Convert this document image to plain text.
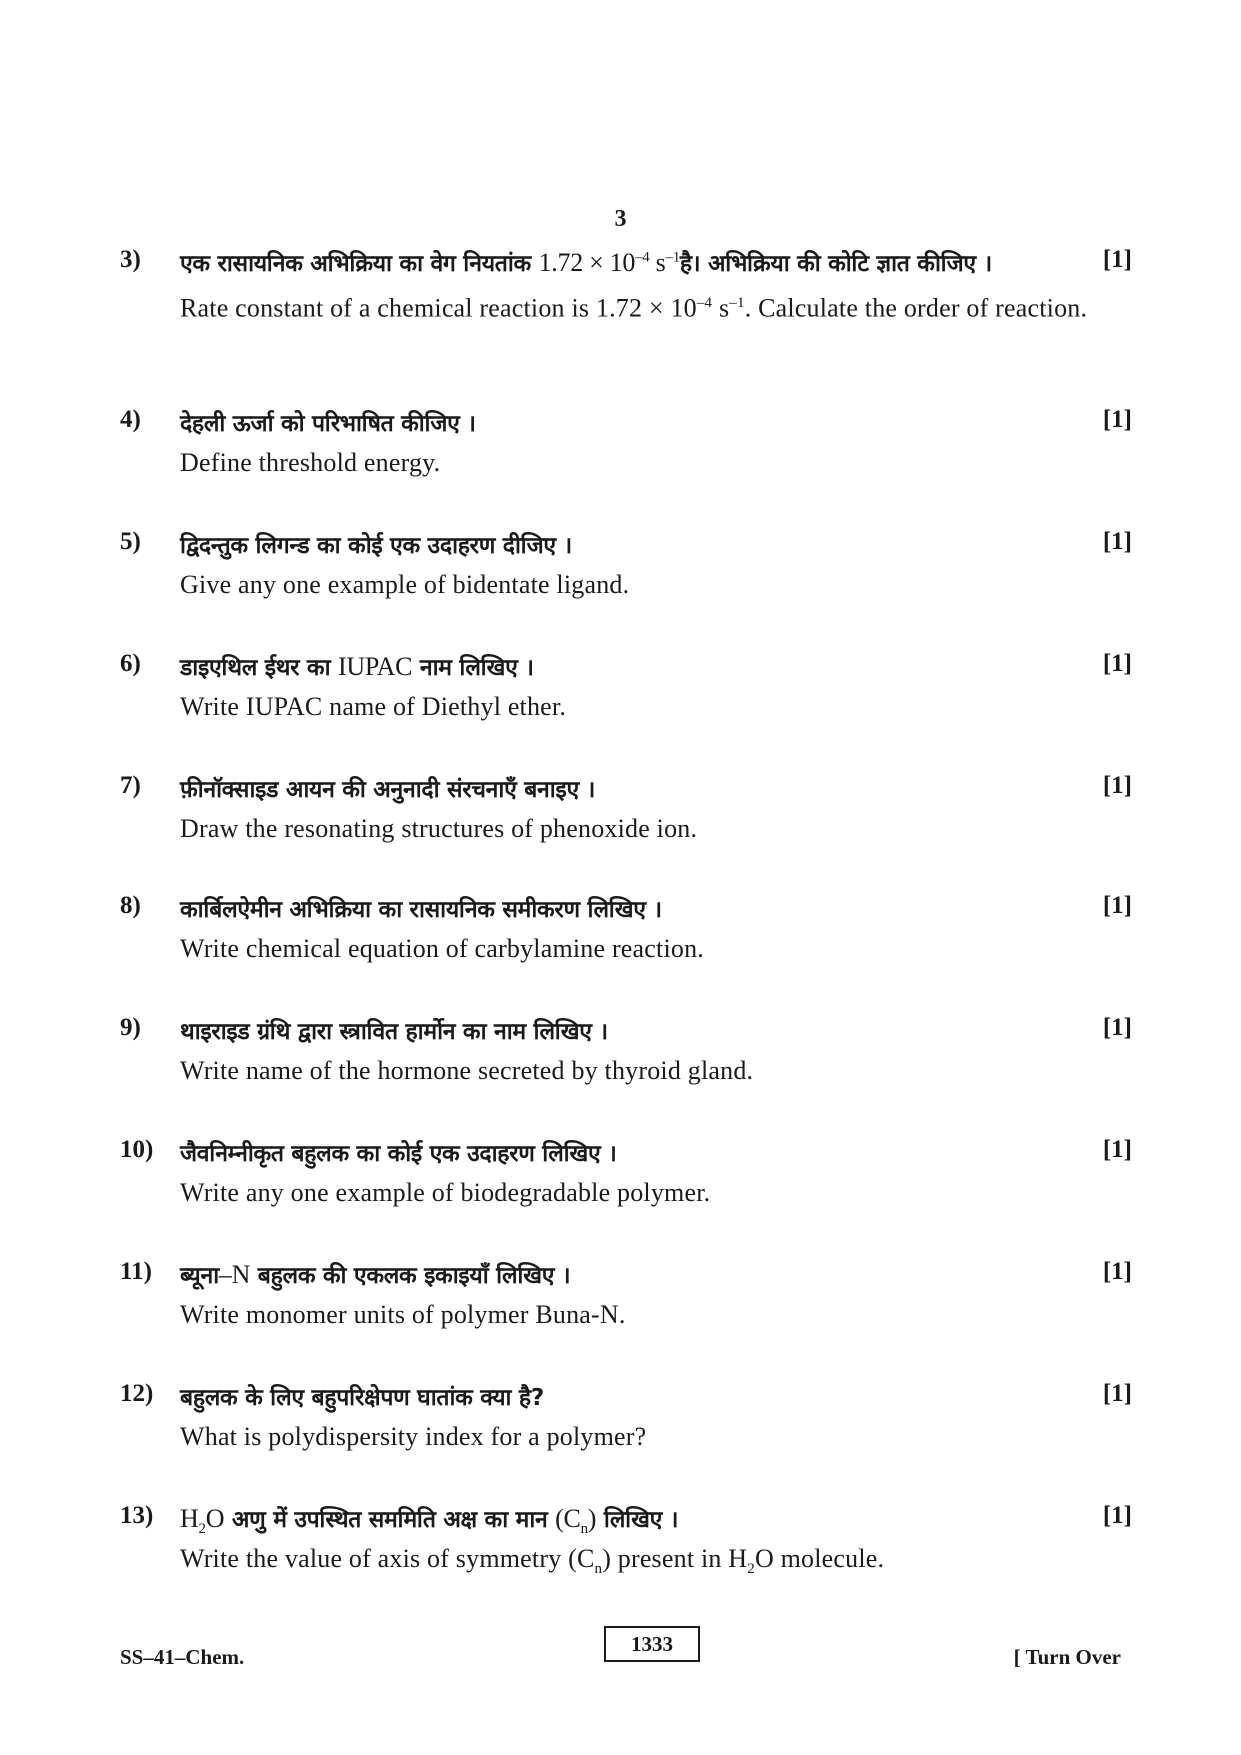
3
3) एक रासायनिक अभिक्रिया का वेग नियतांक $1.72 \times 10^{-4}$ $s^{-1}है।$ अभिक्रिया की कोटि ज्ञात कीजिए ।	[1]
Rate constant of a chemical reaction is $1.72 \times 10^{-4}$ $s^{-1}$. Calculate the order of reaction.
4) देहली ऊर्जा को परिभाषित कीजिए ।	[1]
Define threshold energy.
5) द्विदन्तुक लिगन्ड का कोई एक उदाहरण दीजिए ।	[1]
Give any one example of bidentate ligand.
6) डाइएथिल ईथर का IUPAC नाम लिखिए ।	[1]
Write IUPAC name of Diethyl ether.
7) फ़ीनॉक्साइड आयन की अनुनादी संरचनाएँ बनाइए ।	[1]
Draw the resonating structures of phenoxide ion.
8) कार्बिलऐमीन अभिक्रिया का रासायनिक समीकरण लिखिए ।	[1]
Write chemical equation of carbylamine reaction.
9) थाइराइड ग्रंथि द्वारा स्त्रावित हार्मोन का नाम लिखिए ।	[1]
Write name of the hormone secreted by thyroid gland.
10) जैवनिम्नीकृत बहुलक का कोई एक उदाहरण लिखिए ।	[1]
Write any one example of biodegradable polymer.
11) ब्यूना–N बहुलक की एकलक इकाइयाँ लिखिए ।	[1]
Write monomer units of polymer Buna-N.
12) बहुलक के लिए बहुपरिक्षेपण घातांक क्या है?	[1]
What is polydispersity index for a polymer?
13) $H_2O$ अणु में उपस्थित सममिति अक्ष का मान $(C_n)$ लिखिए ।	[1]
Write the value of axis of symmetry $(C_n)$ present in $H_2O$ molecule.
SS–41–Chem.
1333
[ Turn Over
